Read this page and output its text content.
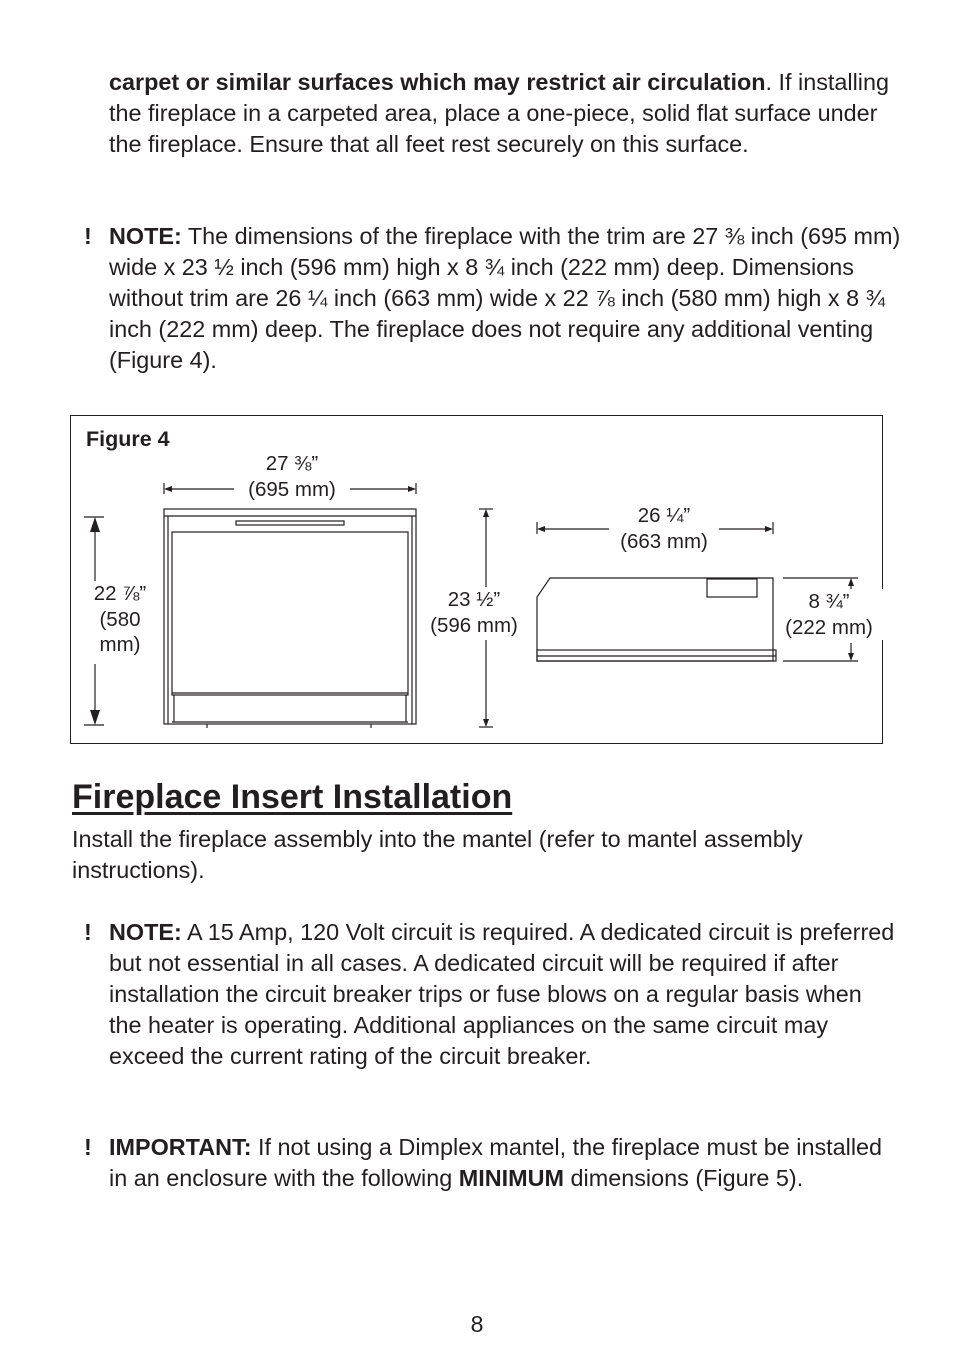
carpet or similar surfaces which may restrict air circulation. If installing the fireplace in a carpeted area, place a one-piece, solid flat surface under the fireplace. Ensure that all feet rest securely on this surface.

! NOTE: The dimensions of the fireplace with the trim are 27 ⅜ inch (695 mm) wide x 23 ½ inch (596 mm) high x 8 ¾ inch (222 mm) deep. Dimensions without trim are 26 ¼ inch (663 mm) wide x 22 ⅞ inch (580 mm) high x 8 ¾ inch (222 mm) deep. The fireplace does not require any additional venting (Figure 4).

Figure 4
27 ⅜”
(695 mm)
22 ⅞”
(580
mm)
23 ½”
(596 mm)
26 ¼”
(663 mm)
8 ¾”
(222 mm)
Fireplace Insert Installation

Install the fireplace assembly into the mantel (refer to mantel assembly instructions).

! NOTE: A 15 Amp, 120 Volt circuit is required. A dedicated circuit is preferred but not essential in all cases. A dedicated circuit will be required if after installation the circuit breaker trips or fuse blows on a regular basis when the heater is operating. Additional appliances on the same circuit may exceed the current rating of the circuit breaker.

! IMPORTANT: If not using a Dimplex mantel, the fireplace must be installed in an enclosure with the following MINIMUM dimensions (Figure 5).

8
